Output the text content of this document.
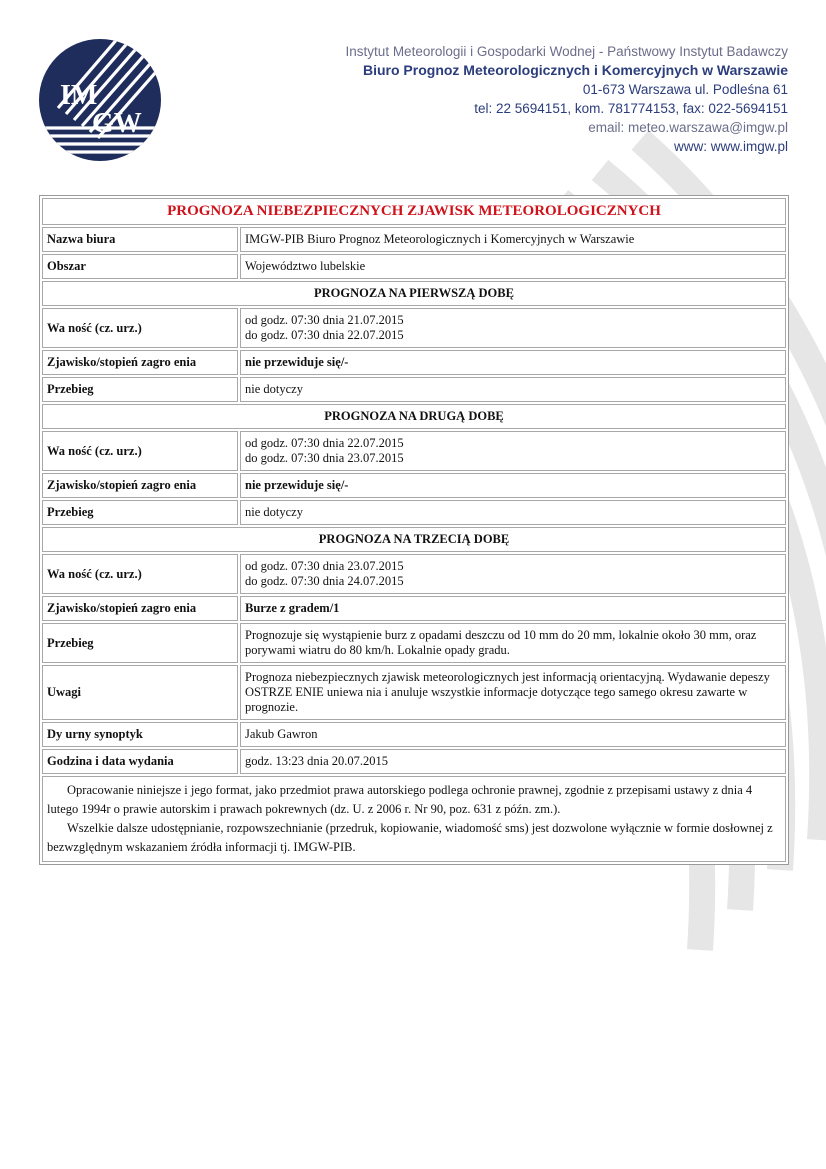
IM
GW
Instytut Meteorologii i Gospodarki Wodnej - Państwowy Instytut Badawczy
Biuro Prognoz Meteorologicznych i Komercyjnych w Warszawie
01-673 Warszawa ul. Podleśna 61
tel: 22 5694151, kom. 781774153, fax: 022-5694151
email: meteo.warszawa@imgw.pl
www: www.imgw.pl
PROGNOZA NIEBEZPIECZNYCH ZJAWISK METEOROLOGICZNYCH	
Nazwa biura	IMGW-PIB Biuro Prognoz Meteorologicznych i Komercyjnych w Warszawie
Obszar	Województwo lubelskie
PROGNOZA NA PIERWSZĄ DOBĘ	
Wa ność (cz. urz.)	od godz. 07:30 dnia 21.07.2015
do godz. 07:30 dnia 22.07.2015

Zjawisko/stopień zagro enia	nie przewiduje się/-
Przebieg	nie dotyczy
PROGNOZA NA DRUGĄ DOBĘ	
Wa ność (cz. urz.)	od godz. 07:30 dnia 22.07.2015
do godz. 07:30 dnia 23.07.2015

Zjawisko/stopień zagro enia	nie przewiduje się/-
Przebieg	nie dotyczy
PROGNOZA NA TRZECIĄ DOBĘ	
Wa ność (cz. urz.)	od godz. 07:30 dnia 23.07.2015
do godz. 07:30 dnia 24.07.2015

Zjawisko/stopień zagro enia	Burze z gradem/1
Przebieg	Prognozuje się wystąpienie burz z opadami deszczu od 10 mm do 20 mm, lokalnie około 30 mm, oraz porywami wiatru do 80 km/h. Lokalnie opady gradu.
Uwagi	Prognoza niebezpiecznych zjawisk meteorologicznych jest informacją orientacyjną. Wydawanie depeszy OSTRZE ENIE uniewa nia i anuluje wszystkie informacje dotyczące tego samego okresu zawarte w prognozie.
Dy urny synoptyk	Jakub Gawron
Godzina i data wydania	godz. 13:23 dnia 20.07.2015

Opracowanie niniejsze i jego format, jako przedmiot prawa autorskiego podlega ochronie prawnej, zgodnie z przepisami ustawy z dnia 4 lutego 1994r o prawie autorskim i prawach pokrewnych (dz. U. z 2006 r. Nr 90, poz. 631 z późn. zm.).
Wszelkie dalsze udostępnianie, rozpowszechnianie (przedruk, kopiowanie, wiadomość sms) jest dozwolone wyłącznie w formie dosłownej z bezwzględnym wskazaniem źródła informacji tj. IMGW-PIB.	
